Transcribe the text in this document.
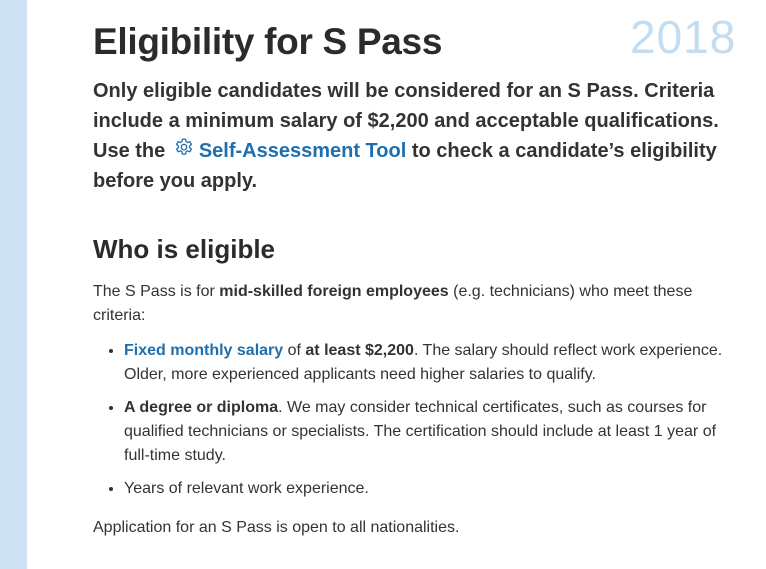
2018
Eligibility for S Pass

Only eligible candidates will be considered for an S Pass. Criteria include a minimum salary of $2,200 and acceptable qualifications. Use the Self-Assessment Tool to check a candidate’s eligibility before you apply.

Who is eligible

The S Pass is for mid-skilled foreign employees (e.g. technicians) who meet these criteria:

• Fixed monthly salary of at least $2,200. The salary should reflect work experience. Older, more experienced applicants need higher salaries to qualify.
• A degree or diploma. We may consider technical certificates, such as courses for qualified technicians or specialists. The certification should include at least 1 year of full-time study.
• Years of relevant work experience.

Application for an S Pass is open to all nationalities.
